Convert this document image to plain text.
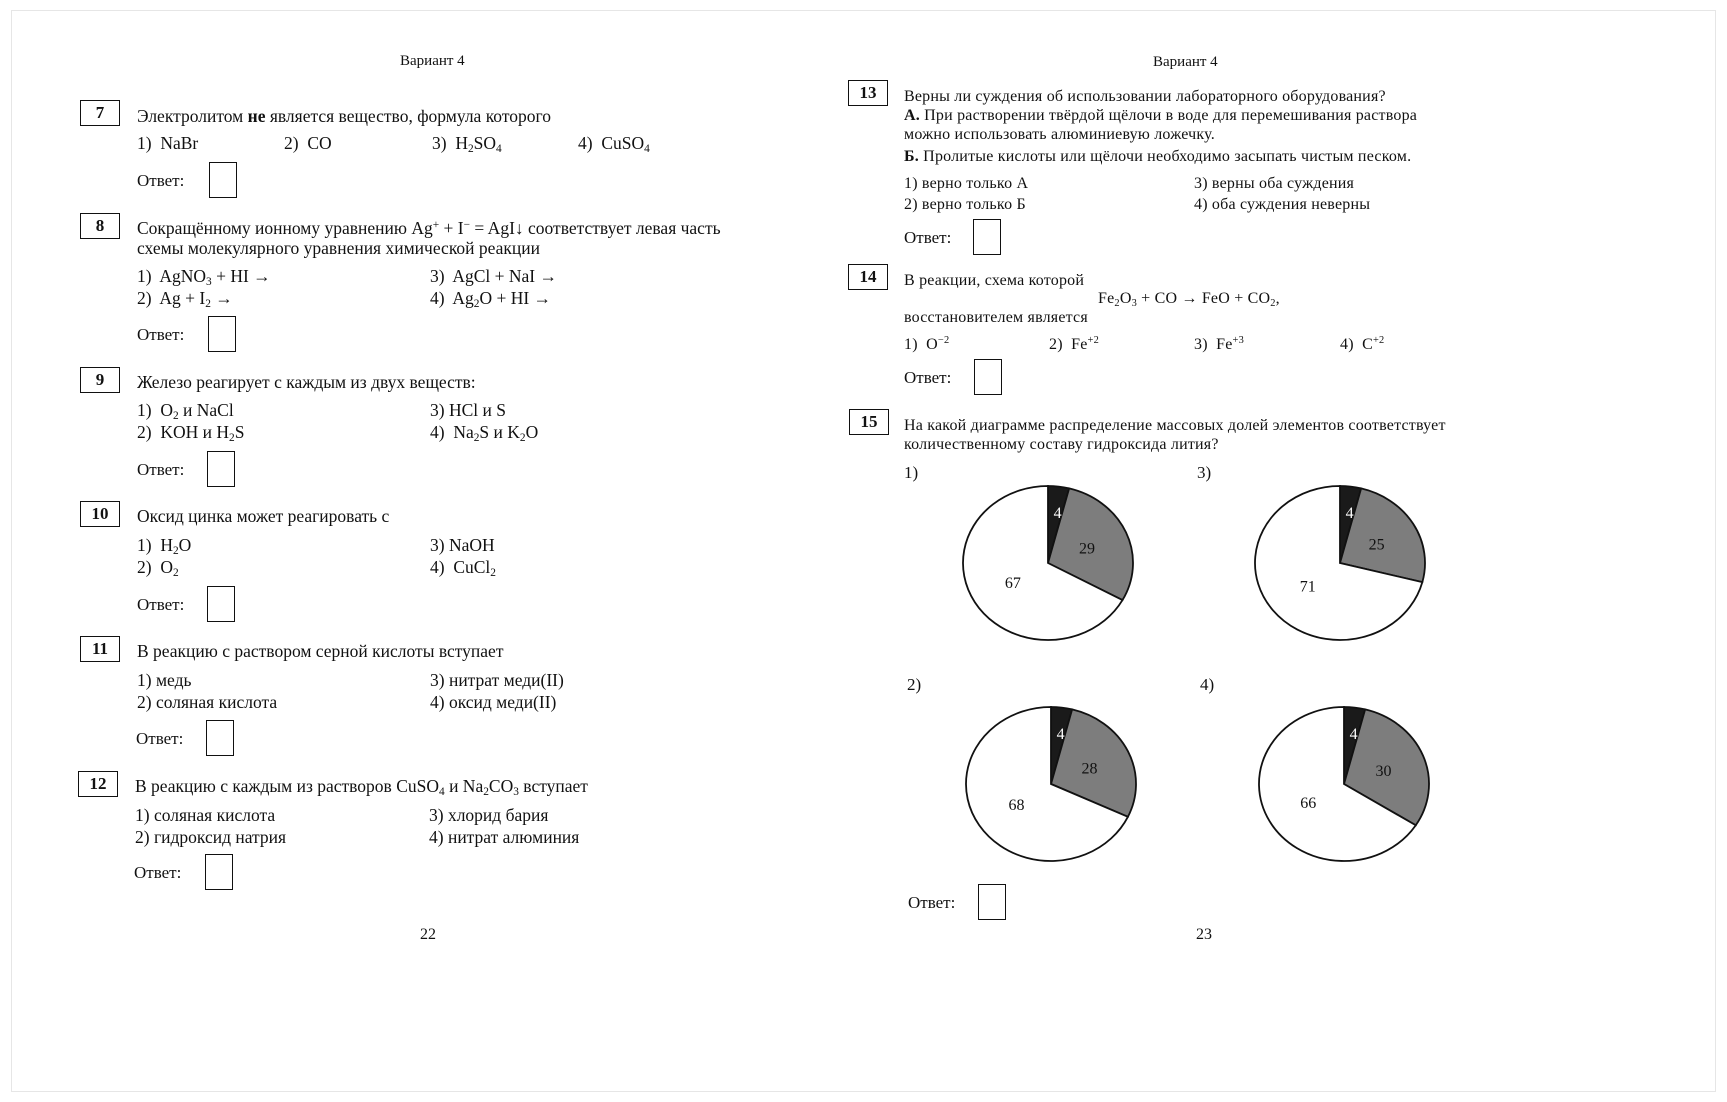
Вариант 4
7	Электролитом не является вещество, формула которого
1) NaBr	2) CO	3)  $H_2SO_4$	4)  CuSO$_4$
Ответ:
8	Сокращённому ионному уравнению Ag+ + I− = AgI↓ соответствует левая часть
схемы молекулярного уравнения химической реакции
1)  AgNO$_3$ + HI →
2)  $Ag + I_2$ →
3)  AgCl + NaI →
4)  $Ag_2O$ + HI →
Ответ:
9	Железо реагирует с каждым из двух веществ:
1)  $O_2$ и NaCl
2)  KOH и $H_2S$
3) HCl и S
4)  $Na_2S$ и $K_2O$
Ответ:
10	Оксид цинка может реагировать с
1)  $H_2O$
2)  $O_2$
3) NaOH
4)  CuCl$_2$
Ответ:
11	В реакцию с раствором серной кислоты вступает
1) медь
2) соляная кислота
3) нитрат меди(II)
4) оксид меди(II)
Ответ:
12	В реакцию с каждым из растворов CuSO$_4$ и $Na_2CO_3$ вступает
1) соляная кислота
2) гидроксид натрия
3) хлорид бария
4) нитрат алюминия
Ответ:
22
Вариант 4
13	Верны ли суждения об использовании лабораторного оборудования?
А. При растворении твёрдой щёлочи в воде для перемешивания раствора
можно использовать алюминиевую ложечку.
Б. Пролитые кислоты или щёлочи необходимо засыпать чистым песком.
1) верно только А
2) верно только Б
3) верны оба суждения
4) оба суждения неверны
Ответ:
14	В реакции, схема которой
$Fe_2O_3$ + CO → FeO + $CO_2$,
восстановителем является
1)  $O^{-2}$	2)  $Fe^{+2}$	3)  $Fe^{+3}$	4)  $C^{+2}$
Ответ:
15	На какой диаграмме распределение массовых долей элементов соответствует
количественному составу гидроксида лития?
1)	3)
2)	4)
4
29
67
4
25
71
4
28
68
4
30
66
Ответ:
23
